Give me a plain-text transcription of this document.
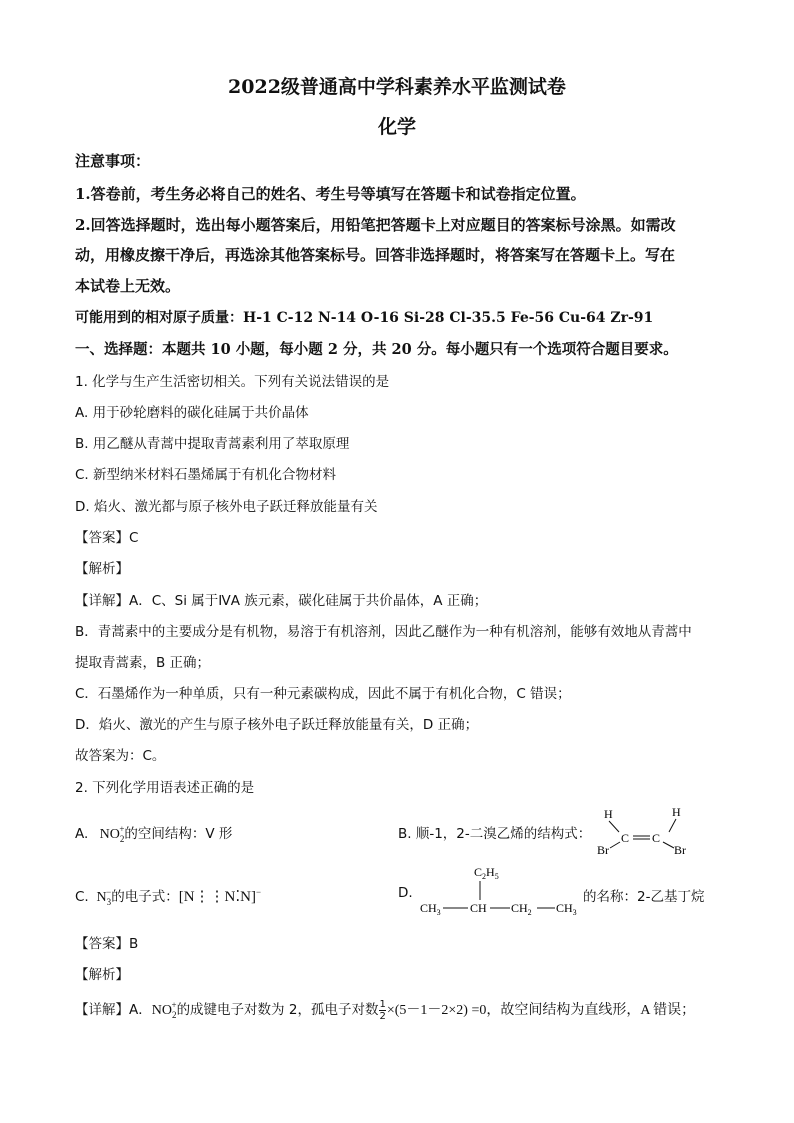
2022级普通高中学科素养水平监测试卷
化学
注意事项：
1.答卷前，考生务必将自己的姓名、考生号等填写在答题卡和试卷指定位置。
2.回答选择题时，选出每小题答案后，用铅笔把答题卡上对应题目的答案标号涂黑。如需改
动，用橡皮擦干净后，再选涂其他答案标号。回答非选择题时，将答案写在答题卡上。写在
本试卷上无效。
可能用到的相对原子质量：H-1 C-12 N-14 O-16 Si-28 Cl-35.5 Fe-56 Cu-64 Zr-91
一、选择题：本题共 10 小题，每小题 2 分，共 20 分。每小题只有一个选项符合题目要求。
1. 化学与生产生活密切相关。下列有关说法错误的是
A. 用于砂轮磨料的碳化硅属于共价晶体
B. 用乙醚从青蒿中提取青蒿素利用了萃取原理
C. 新型纳米材料石墨烯属于有机化合物材料
D. 焰火、激光都与原子核外电子跃迁释放能量有关
【答案】C
【解析】
【详解】A．C、Si 属于ⅣA 族元素，碳化硅属于共价晶体，A 正确；
B．青蒿素中的主要成分是有机物，易溶于有机溶剂，因此乙醚作为一种有机溶剂，能够有效地从青蒿中
提取青蒿素，B 正确；
C．石墨烯作为一种单质，只有一种元素碳构成，因此不属于有机化合物，C 错误；
D．焰火、激光的产生与原子核外电子跃迁释放能量有关，D 正确；
故答案为：C。
2. 下列化学用语表述正确的是
A.   $NO_2^+$的空间结构：V 形	B. 顺-1，2-二溴乙烯的结构式：
H	H
C C
Br	Br
C.  $N_3^-$的电子式：[N⋮⋮N⁚N]−	D.
$C_2H_5$
$CH_3$ CH $CH_2$ $CH_3$
的名称：2-乙基丁烷
【答案】B
【解析】
【详解】A．$NO_2^+$的成键电子对数为 2，孤电子对数 $\frac{1}{2} \times(5-1-2\times 2) =0$，故空间结构为直线形，A 错误；
